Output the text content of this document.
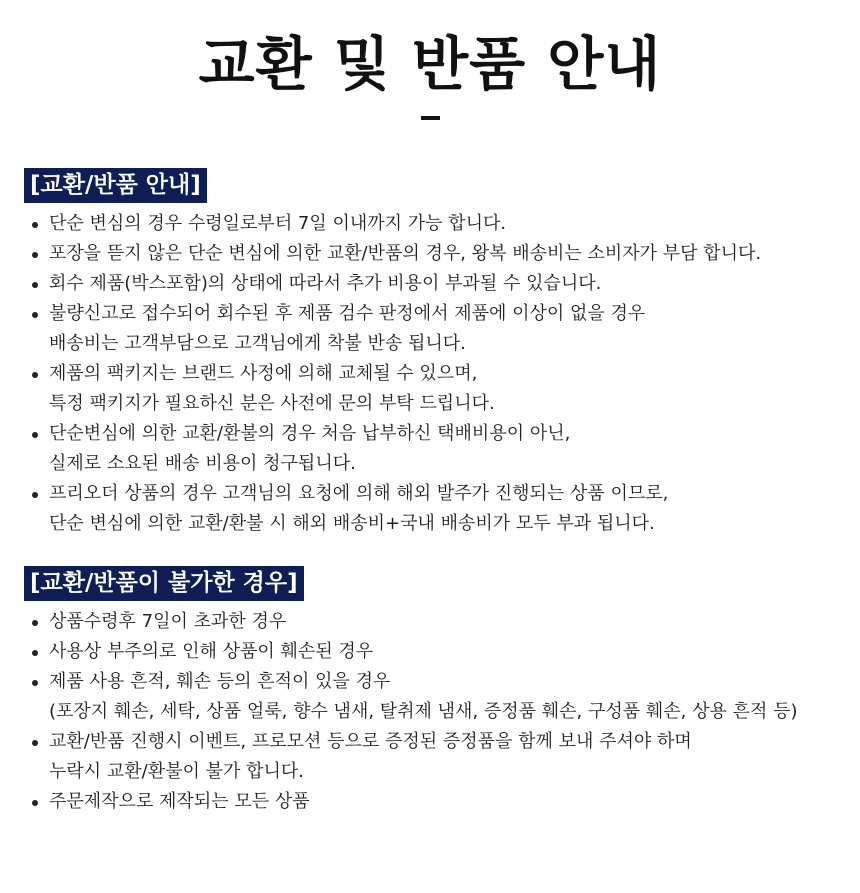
교환 및 반품 안내
[교환/반품 안내]
단순 변심의 경우 수령일로부터 7일 이내까지 가능 합니다.
포장을 뜯지 않은 단순 변심에 의한 교환/반품의 경우, 왕복 배송비는 소비자가 부담 합니다.
회수 제품(박스포함)의 상태에 따라서 추가 비용이 부과될 수 있습니다.
불량신고로 접수되어 회수된 후 제품 검수 판정에서 제품에 이상이 없을 경우
배송비는 고객부담으로 고객님에게 착불 반송 됩니다.
제품의 팩키지는 브랜드 사정에 의해 교체될 수 있으며,
특정 팩키지가 필요하신 분은 사전에 문의 부탁 드립니다.
단순변심에 의한 교환/환불의 경우 처음 납부하신 택배비용이 아닌,
실제로 소요된 배송 비용이 청구됩니다.
프리오더 상품의 경우 고객님의 요청에 의해 해외 발주가 진행되는 상품 이므로,
단순 변심에 의한 교환/환불 시 해외 배송비+국내 배송비가 모두 부과 됩니다.
[교환/반품이 불가한 경우]
상품수령후 7일이 초과한 경우
사용상 부주의로 인해 상품이 훼손된 경우
제품 사용 흔적, 훼손 등의 흔적이 있을 경우
(포장지 훼손, 세탁, 상품 얼룩, 향수 냄새, 탈취제 냄새, 증정품 훼손, 구성품 훼손, 상용 흔적 등)
교환/반품 진행시 이벤트, 프로모션 등으로 증정된 증정품을 함께 보내 주셔야 하며
누락시 교환/환불이 불가 합니다.
주문제작으로 제작되는 모든 상품
